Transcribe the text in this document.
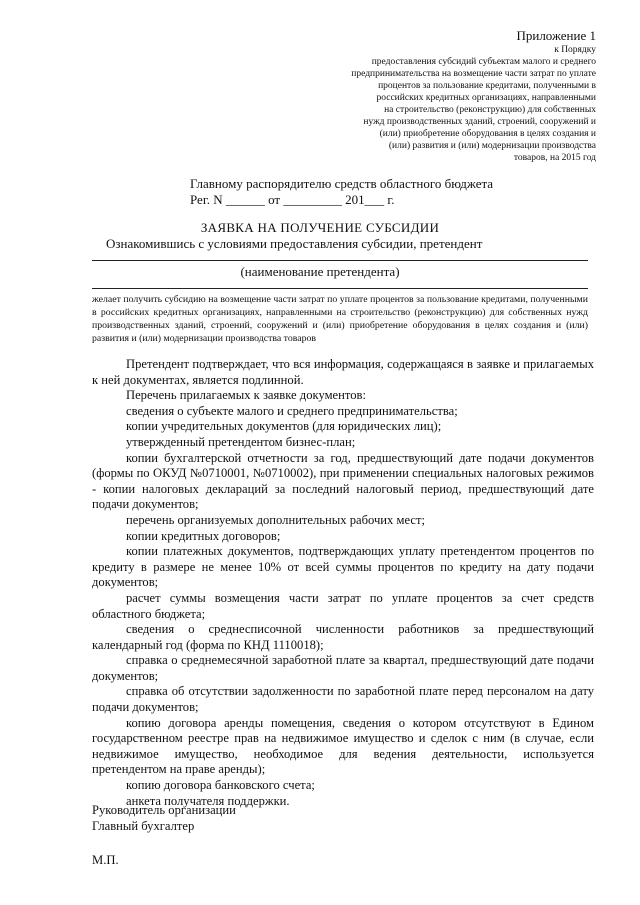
Приложение 1
к Порядку
предоставления субсидий субъектам малого и среднего
предпринимательства на возмещение части затрат по уплате
процентов за пользование кредитами, полученными в
российских кредитных организациях, направленными
на строительство (реконструкцию) для собственных
нужд производственных зданий, строений, сооружений и
(или) приобретение оборудования в целях создания и
(или) развития и (или) модернизации производства
товаров, на 2015 год
Главному распорядителю средств областного бюджета
Рег. N ______ от _________ 201___ г.
ЗАЯВКА НА ПОЛУЧЕНИЕ СУБСИДИИ
Ознакомившись с условиями предоставления субсидии, претендент
(наименование претендента)
желает получить субсидию на возмещение части затрат по уплате процентов за пользование кредитами, полученными в российских кредитных организациях, направленными на строительство (реконструкцию) для собственных нужд производственных зданий, строений, сооружений и (или) приобретение оборудования в целях создания и (или) развития и (или) модернизации производства товаров

Претендент подтверждает, что вся информация, содержащаяся в заявке и прилагаемых к ней документах, является подлинной.

Перечень прилагаемых к заявке документов:

сведения о субъекте малого и среднего предпринимательства;

копии учредительных документов (для юридических лиц);

утвержденный претендентом бизнес-план;

копии бухгалтерской отчетности за год, предшествующий дате подачи документов (формы по ОКУД №0710001, №0710002), при применении специальных налоговых режимов - копии налоговых деклараций за последний налоговый период, предшествующий дате подачи документов;

перечень организуемых дополнительных рабочих мест;

копии кредитных договоров;

копии платежных документов, подтверждающих уплату претендентом процентов по кредиту в размере не менее 10% от всей суммы процентов по кредиту на дату подачи документов;

расчет суммы возмещения части затрат по уплате процентов за счет средств областного бюджета;

сведения о среднесписочной численности работников за предшествующий календарный год (форма по КНД 1110018);

справка о среднемесячной заработной плате за квартал, предшествующий дате подачи документов;

справка об отсутствии задолженности по заработной плате перед персоналом на дату подачи документов;

копию договора аренды помещения, сведения о котором отсутствуют в Едином государственном реестре прав на недвижимое имущество и сделок с ним (в случае, если недвижимое имущество, необходимое для ведения деятельности, используется претендентом на праве аренды);

копию договора банковского счета;

анкета получателя поддержки.

Руководитель организации
Главный бухгалтер
М.П.
